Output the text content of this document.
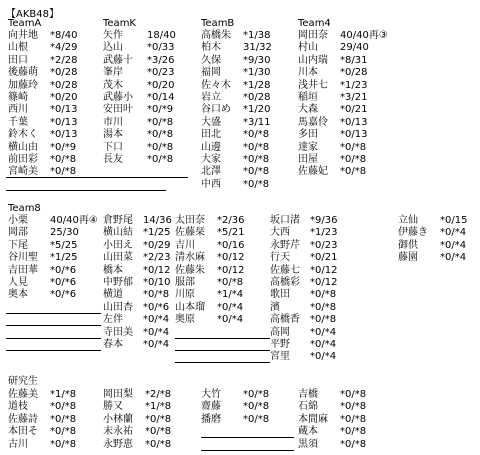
【AKB48】
TeamA	TeamK	TeamB	Team4
向井地 *8/40
山根 *4/29
田口 *2/28
後藤萌 *0/28
加藤玲 *0/28
篠崎 *0/20
西川 *0/13
千葉 *0/13
鈴木く *0/13
横山由 *0/*9
前田彩 *0/*8
宮崎美 *0/*8
矢作 18/40
込山 *0/33
武藤十 *3/26
峯岸 *0/23
茂木 *0/20
武藤小 *0/14
安田叶 *0/*9
市川 *0/*8
湯本 *0/*8
下口 *0/*8
長友 *0/*8
高橋朱 *1/38
柏木 31/32
久保 *9/30
福岡 *1/30
佐々木 *1/28
岩立 *0/28
谷口め *1/20
大盛 *3/11
田北 *0/*8
山邊 *0/*8
大家 *0/*8
北澤 *0/*8
中西 *0/*8
岡田奈 40/40再③
村山 29/40
山内瑞 *8/31
川本 *0/28
浅井七 *1/23
稲垣 *3/21
大森 *0/21
馬嘉伶 *0/13
多田 *0/13
達家 *0/*8
田屋 *0/*8
佐藤妃 *0/*8
Team8
小栗 40/40再④
岡部 25/30
下尾 *5/25
谷川聖 *1/25
吉田華 *0/*6
人見 *0/*6
奥本 *0/*6
倉野尾 14/36
横山結 *1/25
小田え *0/29
山田菜 *2/23
橋本 *0/12
中野郁 *0/10
横道 *0/*8
山田杏 *0/*6
左伴 *0/*4
寺田美 *0/*4
春本 *0/*4
太田奈 *2/36
佐藤栞 *5/21
吉川 *0/16
清水麻 *0/12
佐藤朱 *0/12
服部 *0/*8
川原 *1/*4
山本瑠 *0/*4
奥原 *0/*4
坂口渚 *9/36
大西 *1/23
永野芹 *0/23
行天 *0/21
佐藤七 *0/12
高橋彩 *0/12
歌田 *0/*8
濱	*0/*8
高橋香 *0/*8
高岡 *0/*4
平野 *0/*4
宮里 *0/*4
立仙 *0/15
伊藤き *0/*4
御供 *0/*4
藤園 *0/*4
研究生
佐藤美 *1/*8
道枝 *0/*8
佐藤詩 *0/*8
本田そ *0/*8
古川 *0/*8
岡田梨 *2/*8
勝又 *1/*8
小林蘭 *0/*8
末永祐 *0/*8
永野恵 *0/*8
大竹 *0/*8
齋藤 *0/*8
播磨 *0/*8
吉橋 *0/*8
石綿 *0/*8
本間麻 *0/*8
蔵本 *0/*8
黒須 *0/*8
